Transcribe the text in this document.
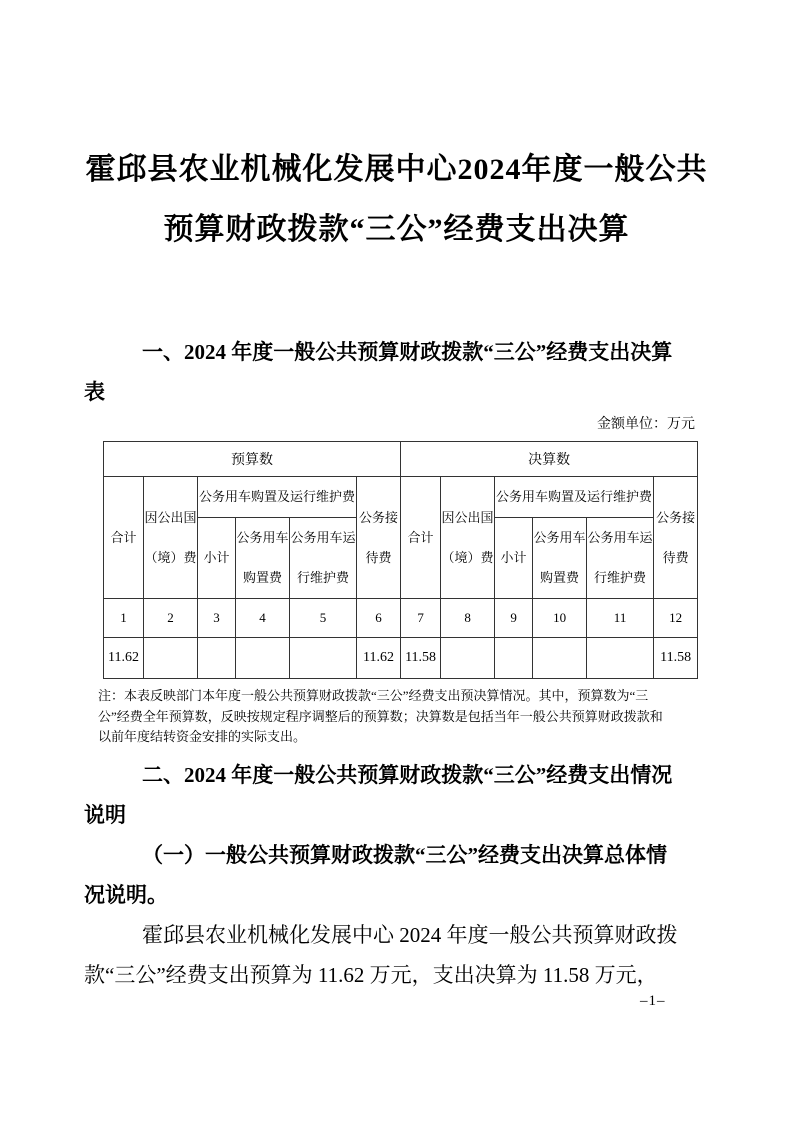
霍邱县农业机械化发展中心2024年度一般公共
预算财政拨款“三公”经费支出决算
一、2024 年度一般公共预算财政拨款“三公”经费支出决算
表
金额单位：万元
预算数						决算数					
合计	因公出国（境）费	公务用车购置及运行维护费			公务接待费	合计	因公出国（境）费	公务用车购置及运行维护费			公务接待费
		小计	公务用车购置费	公务用车运行维护费				小计	公务用车购置费	公务用车运行维护费	
1	2	3	4	5	6	7	8	9	10	11	12
11.62					11.62	11.58					11.58
注：本表反映部门本年度一般公共预算财政拨款“三公”经费支出预决算情况。其中，预算数为“三
公”经费全年预算数，反映按规定程序调整后的预算数；决算数是包括当年一般公共预算财政拨款和
以前年度结转资金安排的实际支出。
二、2024 年度一般公共预算财政拨款“三公”经费支出情况
说明
（一）一般公共预算财政拨款“三公”经费支出决算总体情
况说明。
霍邱县农业机械化发展中心 2024 年度一般公共预算财政拨
款“三公”经费支出预算为 11.62 万元，支出决算为 11.58 万元，
–1–
